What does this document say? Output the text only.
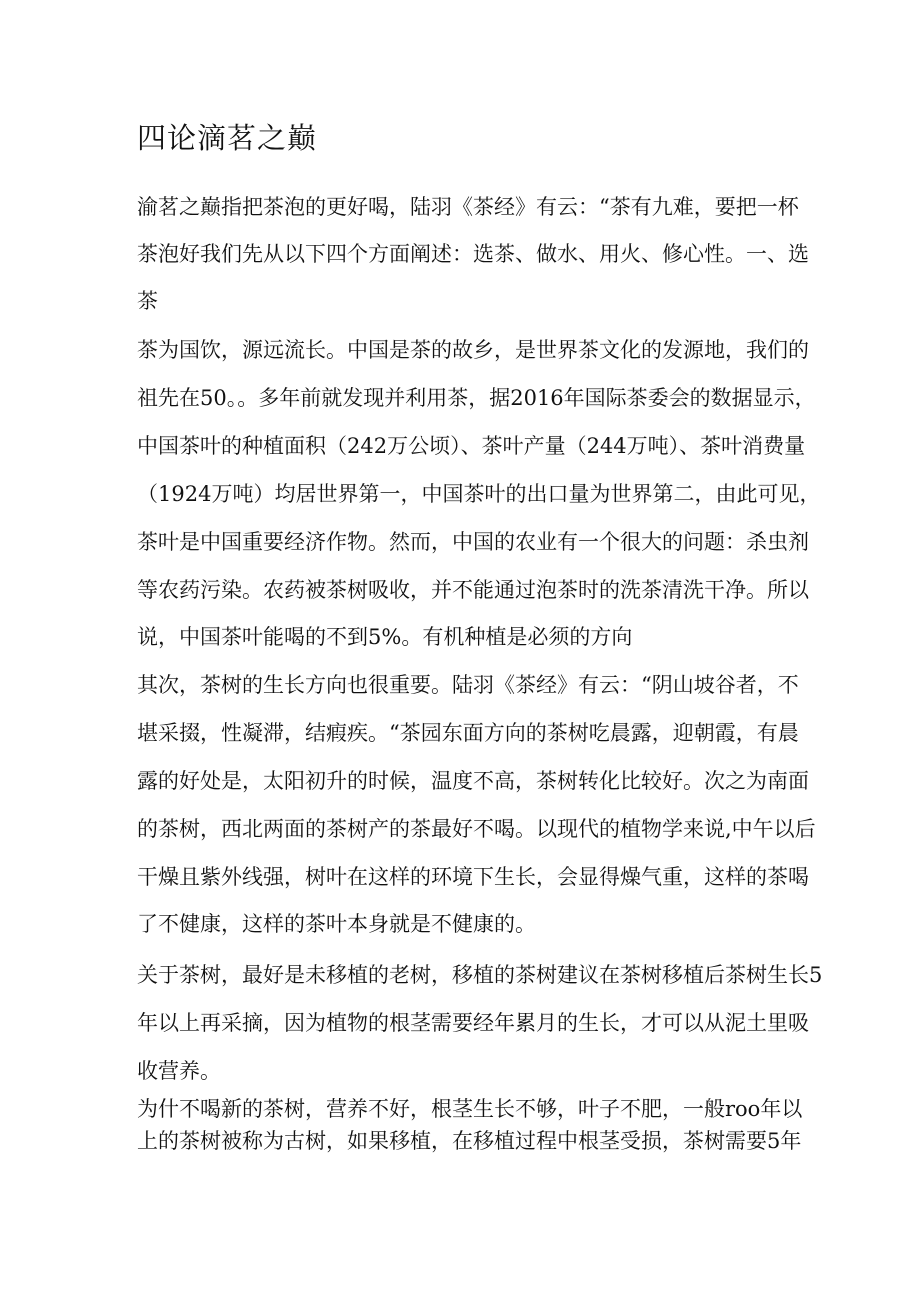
四论滴茗之巅
渝茗之巅指把茶泡的更好喝，陆羽《茶经》有云：“茶有九难，要把一杯
茶泡好我们先从以下四个方面阐述：选茶、做水、用火、修心性。一、选
茶
茶为国饮，源远流长。中国是茶的故乡，是世界茶文化的发源地，我们的
祖先在50。。多年前就发现并利用茶，据2016年国际茶委会的数据显示，
中国茶叶的种植面积（242万公顷）、茶叶产量（244万吨）、茶叶消费量
（1924万吨）均居世界第一，中国茶叶的出口量为世界第二，由此可见，
茶叶是中国重要经济作物。然而，中国的农业有一个很大的问题：杀虫剂
等农药污染。农药被茶树吸收，并不能通过泡茶时的洗茶清洗干净。所以
说，中国茶叶能喝的不到5%。有机种植是必须的方向
其次，茶树的生长方向也很重要。陆羽《茶经》有云：“阴山坡谷者，不
堪采掇，性凝滞，结瘕疾。“茶园东面方向的茶树吃晨露，迎朝霞，有晨
露的好处是，太阳初升的时候，温度不高，茶树转化比较好。次之为南面
的茶树，西北两面的茶树产的茶最好不喝。以现代的植物学来说,中午以后
干燥且紫外线强，树叶在这样的环境下生长，会显得燥气重，这样的茶喝
了不健康，这样的茶叶本身就是不健康的。
关于茶树，最好是未移植的老树，移植的茶树建议在茶树移植后茶树生长5
年以上再采摘，因为植物的根茎需要经年累月的生长，才可以从泥土里吸
收营养。
为什不喝新的茶树，营养不好，根茎生长不够，叶子不肥，一般roo年以
上的茶树被称为古树，如果移植，在移植过程中根茎受损，茶树需要5年
